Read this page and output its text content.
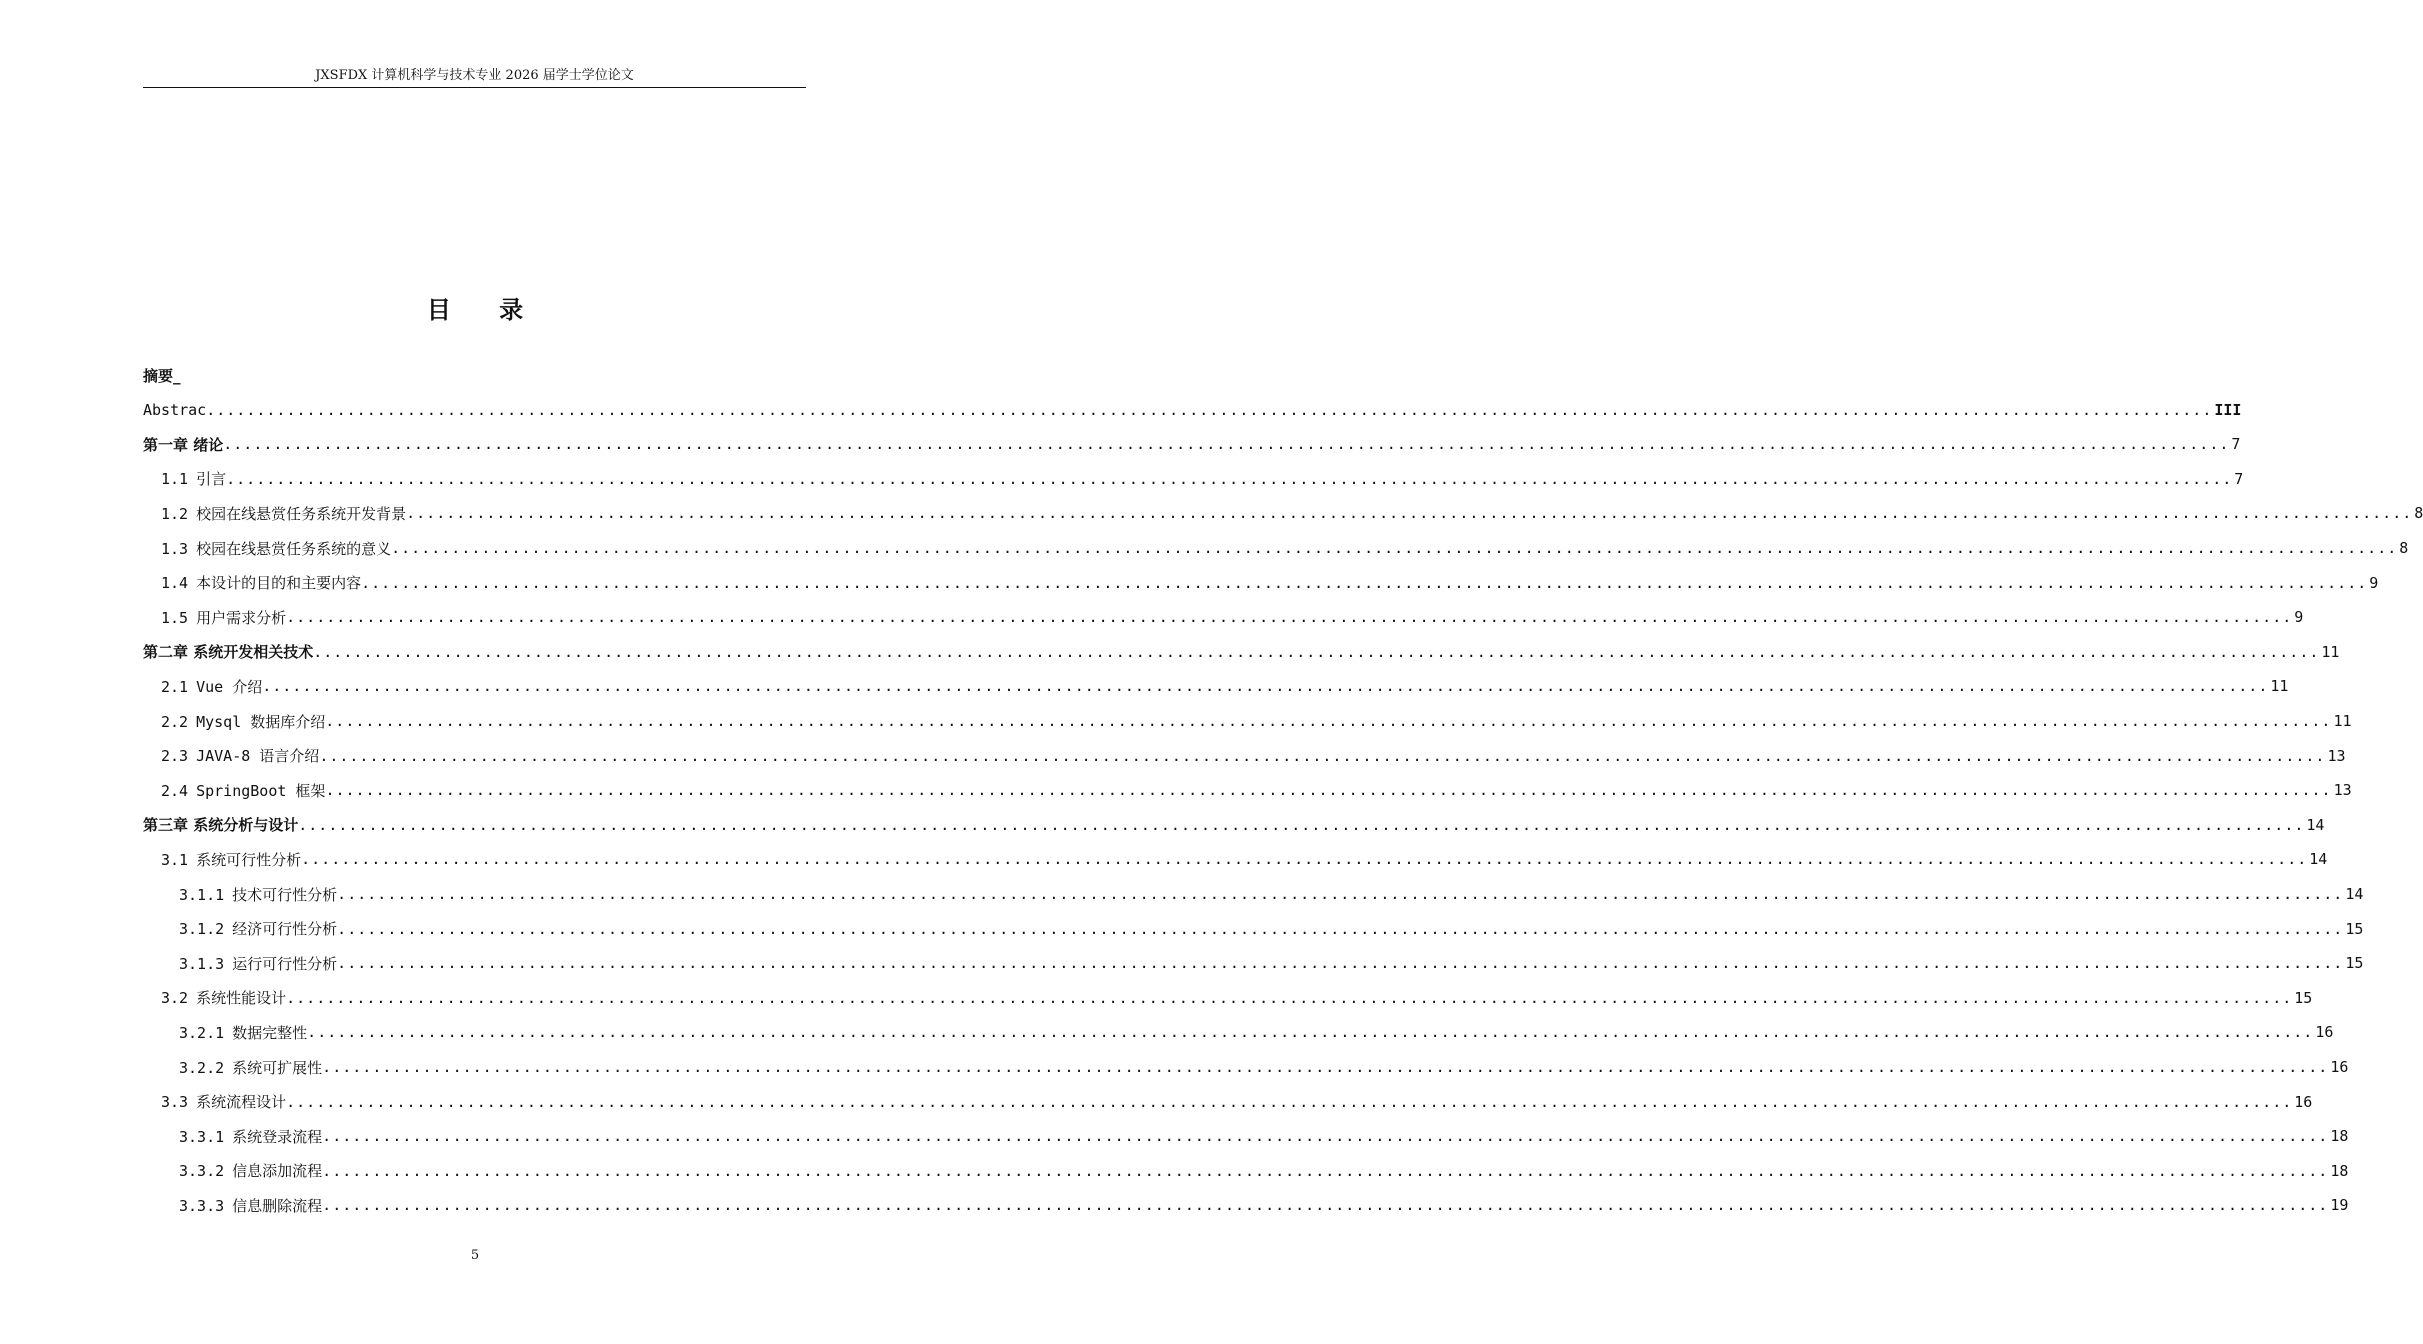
JXSFDX 计算机科学与技术专业 2026 届学士学位论文
目 录
摘要_
Abstrac ........................................................................................................................................................................................................ III
第一章 绪论 ........................................................................................................................................................................................................ 7
1.1 引言 ........................................................................................................................................................................................................ 7
1.2 校园在线悬赏任务系统开发背景 ........................................................................................................................................................................................................ 8
1.3 校园在线悬赏任务系统的意义 ........................................................................................................................................................................................................ 8
1.4 本设计的目的和主要内容 ........................................................................................................................................................................................................ 9
1.5 用户需求分析 ........................................................................................................................................................................................................ 9
第二章 系统开发相关技术 ........................................................................................................................................................................................................ 11
2.1 Vue 介绍 ........................................................................................................................................................................................................ 11
2.2 Mysql 数据库介绍 ........................................................................................................................................................................................................ 11
2.3 JAVA-8 语言介绍 ........................................................................................................................................................................................................ 13
2.4 SpringBoot 框架 ........................................................................................................................................................................................................ 13
第三章 系统分析与设计 ........................................................................................................................................................................................................ 14
3.1 系统可行性分析 ........................................................................................................................................................................................................ 14
3.1.1 技术可行性分析 ........................................................................................................................................................................................................ 14
3.1.2 经济可行性分析 ........................................................................................................................................................................................................ 15
3.1.3 运行可行性分析 ........................................................................................................................................................................................................ 15
3.2 系统性能设计 ........................................................................................................................................................................................................ 15
3.2.1 数据完整性 ........................................................................................................................................................................................................ 16
3.2.2 系统可扩展性 ........................................................................................................................................................................................................ 16
3.3 系统流程设计 ........................................................................................................................................................................................................ 16
3.3.1 系统登录流程 ........................................................................................................................................................................................................ 18
3.3.2 信息添加流程 ........................................................................................................................................................................................................ 18
3.3.3 信息删除流程 ........................................................................................................................................................................................................ 19
5
